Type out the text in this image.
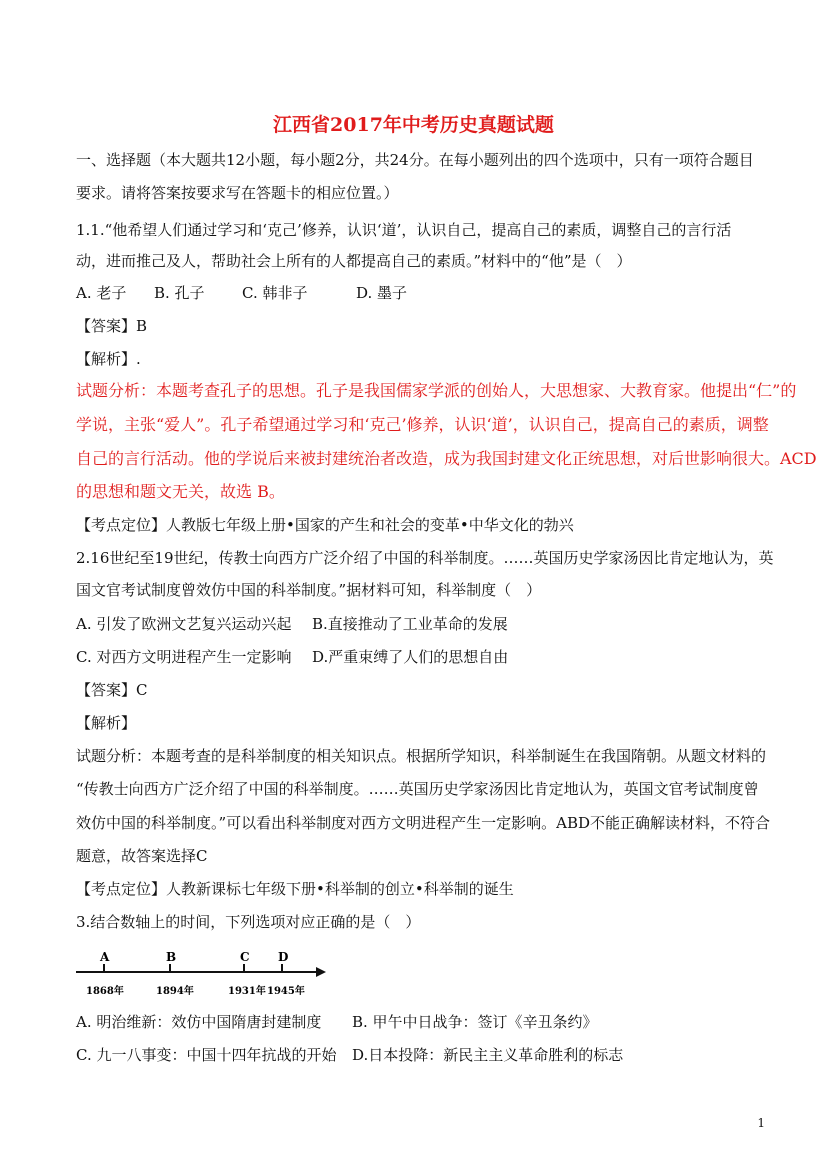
江西省2017年中考历史真题试题
一、选择题（本大题共12小题，每小题2分，共24分。在每小题列出的四个选项中，只有一项符合题目
要求。请将答案按要求写在答题卡的相应位置。）
1.1.“他希望人们通过学习和‘克己’修养，认识‘道’，认识自己，提高自己的素质，调整自己的言行活
动，进而推己及人，帮助社会上所有的人都提高自己的素质。”材料中的“他”是（　）
A. 老子 B. 孔子 C. 韩非子	D. 墨子
【答案】B
【解析】.
试题分析：本题考查孔子的思想。孔子是我国儒家学派的创始人，大思想家、大教育家。他提出“仁”的
学说，主张“爱人”。孔子希望通过学习和‘克己’修养，认识‘道’，认识自己，提高自己的素质，调整
自己的言行活动。他的学说后来被封建统治者改造，成为我国封建文化正统思想，对后世影响很大。ACD
的思想和题文无关，故选 B。
【考点定位】人教版七年级上册•国家的产生和社会的变革•中华文化的勃兴
2.16世纪至19世纪，传教士向西方广泛介绍了中国的科举制度。……英国历史学家汤因比肯定地认为，英
国文官考试制度曾效仿中国的科举制度。”据材料可知，科举制度（　）
A. 引发了欧洲文艺复兴运动兴起 B.直接推动了工业革命的发展
C. 对西方文明进程产生一定影响 D.严重束缚了人们的思想自由
【答案】C
【解析】
试题分析：本题考查的是科举制度的相关知识点。根据所学知识，科举制诞生在我国隋朝。从题文材料的
“传教士向西方广泛介绍了中国的科举制度。……英国历史学家汤因比肯定地认为，英国文官考试制度曾
效仿中国的科举制度。”可以看出科举制度对西方文明进程产生一定影响。ABD不能正确解读材料，不符合
题意，故答案选择C
【考点定位】人教新课标七年级下册•科举制的创立•科举制的诞生
3.结合数轴上的时间，下列选项对应正确的是（　）
A
1868年
B
1894年
C
1931年
D
1945年
A. 明治维新：效仿中国隋唐封建制度 B. 甲午中日战争：签订《辛丑条约》
C. 九一八事变：中国十四年抗战的开始 D.日本投降：新民主主义革命胜利的标志
1
